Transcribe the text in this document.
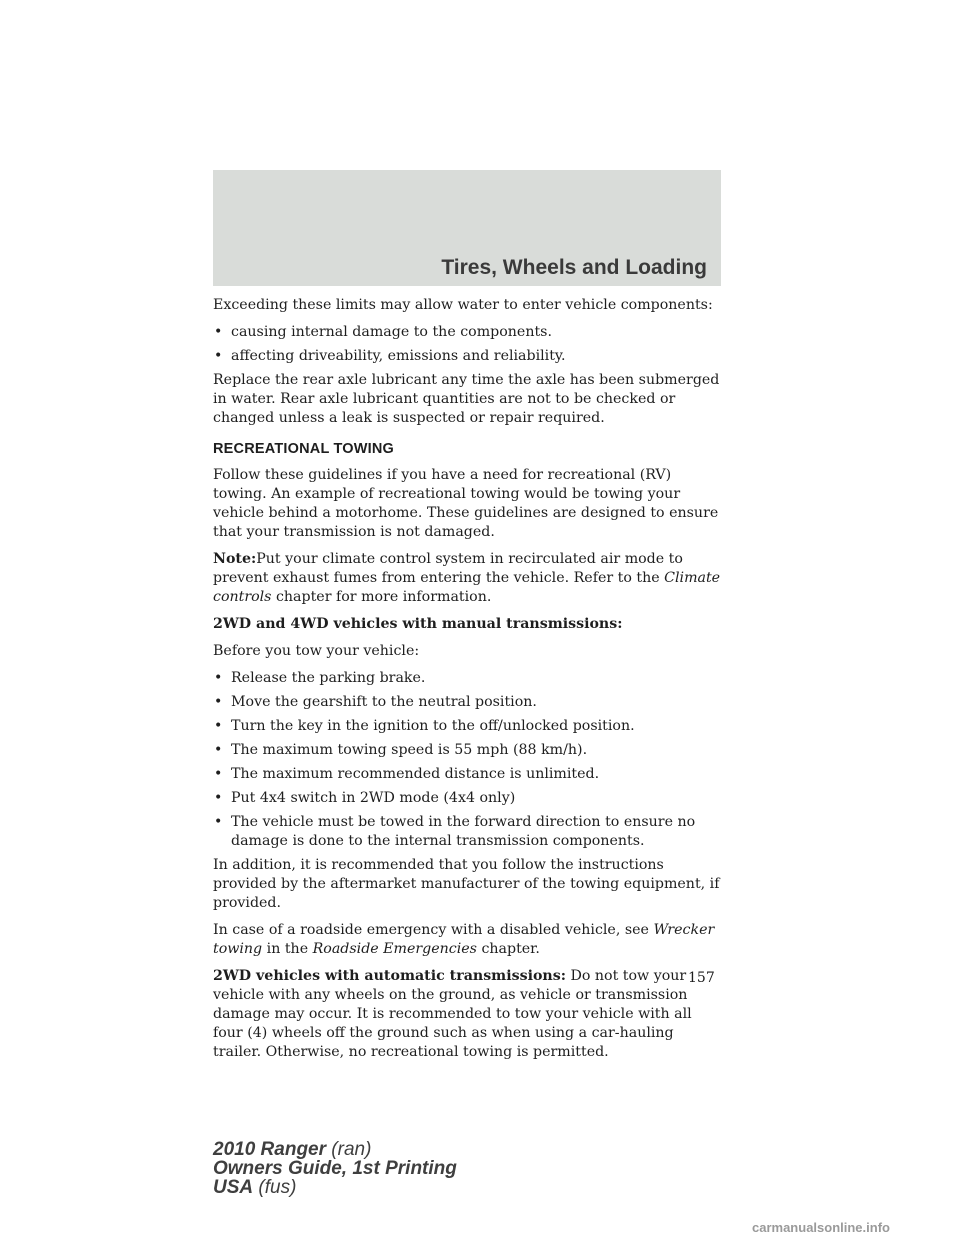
Tires, Wheels and Loading

Exceeding these limits may allow water to enter vehicle components:

• causing internal damage to the components.
• affecting driveability, emissions and reliability.

Replace the rear axle lubricant any time the axle has been submerged in water. Rear axle lubricant quantities are not to be checked or changed unless a leak is suspected or repair required.

RECREATIONAL TOWING

Follow these guidelines if you have a need for recreational (RV) towing. An example of recreational towing would be towing your vehicle behind a motorhome. These guidelines are designed to ensure that your transmission is not damaged.

Note:Put your climate control system in recirculated air mode to prevent exhaust fumes from entering the vehicle. Refer to the Climate controls chapter for more information.

2WD and 4WD vehicles with manual transmissions:

Before you tow your vehicle:

• Release the parking brake.
• Move the gearshift to the neutral position.
• Turn the key in the ignition to the off/unlocked position.
• The maximum towing speed is 55 mph (88 km/h).
• The maximum recommended distance is unlimited.
• Put 4x4 switch in 2WD mode (4x4 only)
• The vehicle must be towed in the forward direction to ensure no damage is done to the internal transmission components.

In addition, it is recommended that you follow the instructions provided by the aftermarket manufacturer of the towing equipment, if provided.

In case of a roadside emergency with a disabled vehicle, see Wrecker towing in the Roadside Emergencies chapter.

2WD vehicles with automatic transmissions: Do not tow your vehicle with any wheels on the ground, as vehicle or transmission damage may occur. It is recommended to tow your vehicle with all four (4) wheels off the ground such as when using a car-hauling trailer. Otherwise, no recreational towing is permitted.

157
2010 Ranger (ran)
Owners Guide, 1st Printing
USA (fus)
carmanualsonline.info
